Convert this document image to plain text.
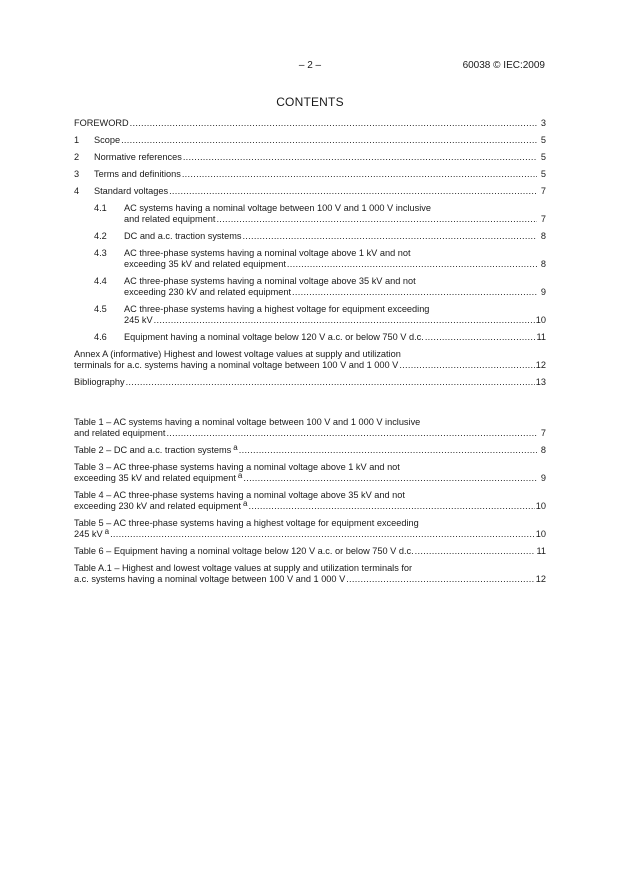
– 2 –	60038 © IEC:2009
CONTENTS
FOREWORD .....	3
1 Scope .....	5
2 Normative references .....	5
3 Terms and definitions .....	5
4 Standard voltages .....	7
4.1 AC systems having a nominal voltage between 100 V and 1 000 V inclusive
and related equipment .....	7
4.2 DC and a.c. traction systems .....	8
4.3 AC three-phase systems having a nominal voltage above 1 kV and not
exceeding 35 kV and related equipment .....	8
4.4 AC three-phase systems having a nominal voltage above 35 kV and not
exceeding 230 kV and related equipment .....	9
4.5 AC three-phase systems having a highest voltage for equipment exceeding
245 kV .....	10
4.6 Equipment having a nominal voltage below 120 V a.c. or below 750 V d.c. .....	11
Annex A (informative) Highest and lowest voltage values at supply and utilization
terminals for a.c. systems having a nominal voltage between 100 V and 1 000 V .....	12
Bibliography .....	13
Table 1 – AC systems having a nominal voltage between 100 V and 1 000 V inclusive
and related equipment .....	7
Table 2 – DC and a.c. traction systems a .....	8
Table 3 – AC three-phase systems having a nominal voltage above 1 kV and not
exceeding 35 kV and related equipment a .....	9
Table 4 – AC three-phase systems having a nominal voltage above 35 kV and not
exceeding 230 kV and related equipment a .....	10
Table 5 – AC three-phase systems having a highest voltage for equipment exceeding
245 kV a .....	10
Table 6 – Equipment having a nominal voltage below 120 V a.c. or below 750 V d.c. .....	11
Table A.1 – Highest and lowest voltage values at supply and utilization terminals for
a.c. systems having a nominal voltage between 100 V and 1 000 V .....	12
